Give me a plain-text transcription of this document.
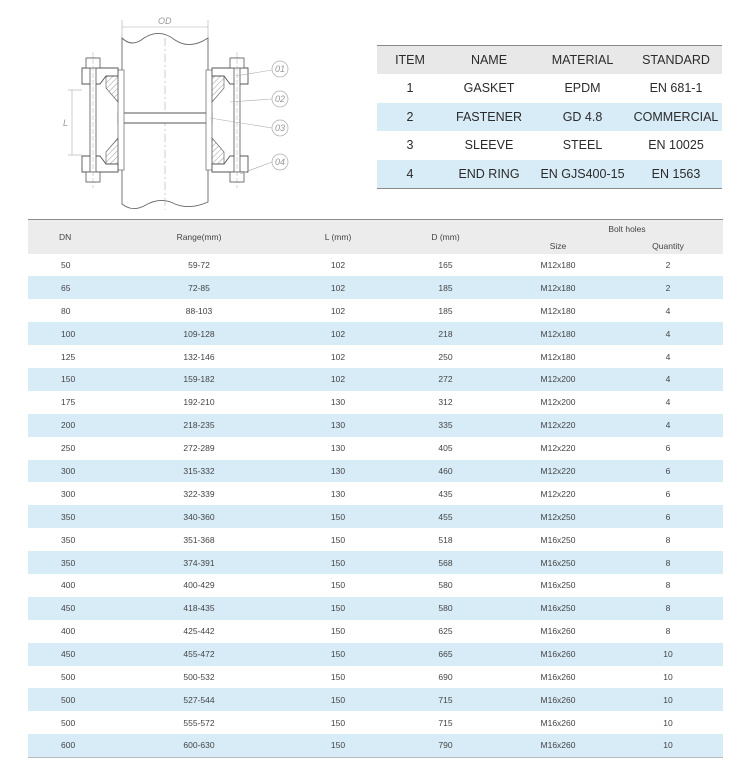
OD
L
01
02
03
04
ITEM	NAME	MATERIAL	STANDARD
1	GASKET	EPDM	EN 681-1
2	FASTENER	GD 4.8	COMMERCIAL
3	SLEEVE	STEEL	EN 10025
4	END RING	EN GJS400-15	EN 1563
DN	Range(mm)	L (mm)	D (mm)	Bolt holes	
				Size	Quantity
50	59-72	102	165	M12x180	2
65	72-85	102	185	M12x180	2
80	88-103	102	185	M12x180	4
100	109-128	102	218	M12x180	4
125	132-146	102	250	M12x180	4
150	159-182	102	272	M12x200	4
175	192-210	130	312	M12x200	4
200	218-235	130	335	M12x220	4
250	272-289	130	405	M12x220	6
300	315-332	130	460	M12x220	6
300	322-339	130	435	M12x220	6
350	340-360	150	455	M12x250	6
350	351-368	150	518	M16x250	8
350	374-391	150	568	M16x250	8
400	400-429	150	580	M16x250	8
450	418-435	150	580	M16x250	8
400	425-442	150	625	M16x260	8
450	455-472	150	665	M16x260	10
500	500-532	150	690	M16x260	10
500	527-544	150	715	M16x260	10
500	555-572	150	715	M16x260	10
600	600-630	150	790	M16x260	10
